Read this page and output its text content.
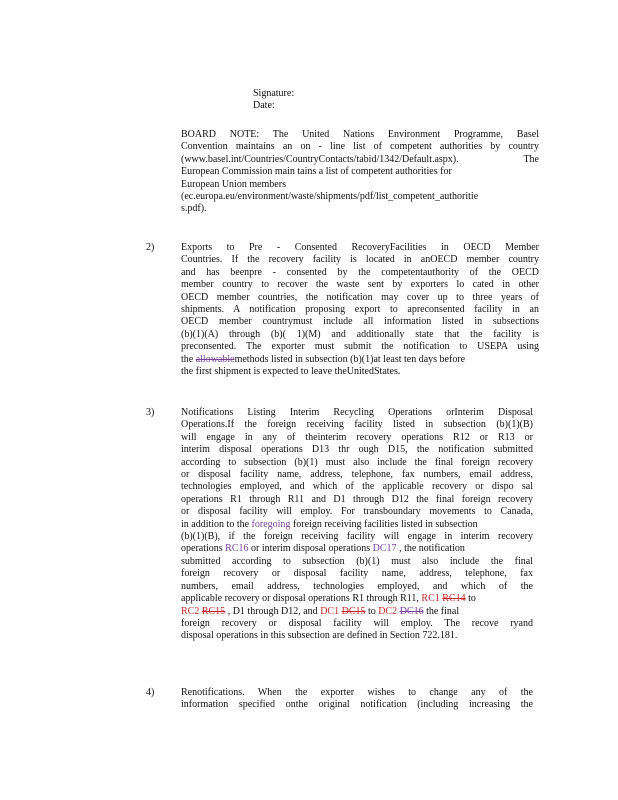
Signature:
Date:
BOARD NOTE: The United Nations Environment Programme, Basel
Convention maintains an on - line list of competent authorities by country
(www.basel.int/Countries/CountryContacts/tabid/1342/Default.aspx). The
European Commission main tains a list of competent authorities for
European Union members
(ec.europa.eu/environment/waste/shipments/pdf/list_competent_authoritie
s.pdf).
2)	Exports to Pre - Consented RecoveryFacilities in OECD Member
Countries. If the recovery facility is located in anOECD member country
and has beenpre - consented by the competentauthority of the OECD
member country to recover the waste sent by exporters lo cated in other
OECD member countries, the notification may cover up to three years of
shipments. A notification proposing export to apreconsented facility in an
OECD member countrymust include all information listed in subsections
(b)(1)(A) through (b)( 1)(M) and additionally state that the facility is
preconsented. The exporter must submit the notification to USEPA using
the allowablemethods listed in subsection (b)(1)at least ten days before
the first shipment is expected to leave theUnitedStates.
3)	Notifications Listing Interim Recycling Operations orInterim Disposal
Operations.If the foreign receiving facility listed in subsection (b)(1)(B)
will engage in any of theinterim recovery operations R12 or R13 or
interim disposal operations D13 thr ough D15, the notification submitted
according to subsection (b)(1) must also include the final foreign recovery
or disposal facility name, address, telephone, fax numbers, email address,
technologies employed, and which of the applicable recovery or dispo sal
operations R1 through R11 and D1 through D12 the final foreign recovery
or disposal facility will employ. For transboundary movements to Canada,
in addition to the foregoing foreign receiving facilities listed in subsection
(b)(1)(B), if the foreign receiving facility will engage in interim recovery
operations RC16 or interim disposal operations DC17 , the notification
submitted according to subsection (b)(1) must also include the final
foreign recovery or disposal facility name, address, telephone, fax
numbers, email address, technologies employed, and which of the
applicable recovery or disposal operations R1 through R11, RC1 RC14 to
RC2 RC15 , D1 through D12, and DC1 DC15 to DC2 DC16 the final
foreign recovery or disposal facility will employ. The recove ryand
disposal operations in this subsection are defined in Section 722.181.
4)	Renotifications. When the exporter wishes to change any of the
information specified onthe original notification (including increasing the
